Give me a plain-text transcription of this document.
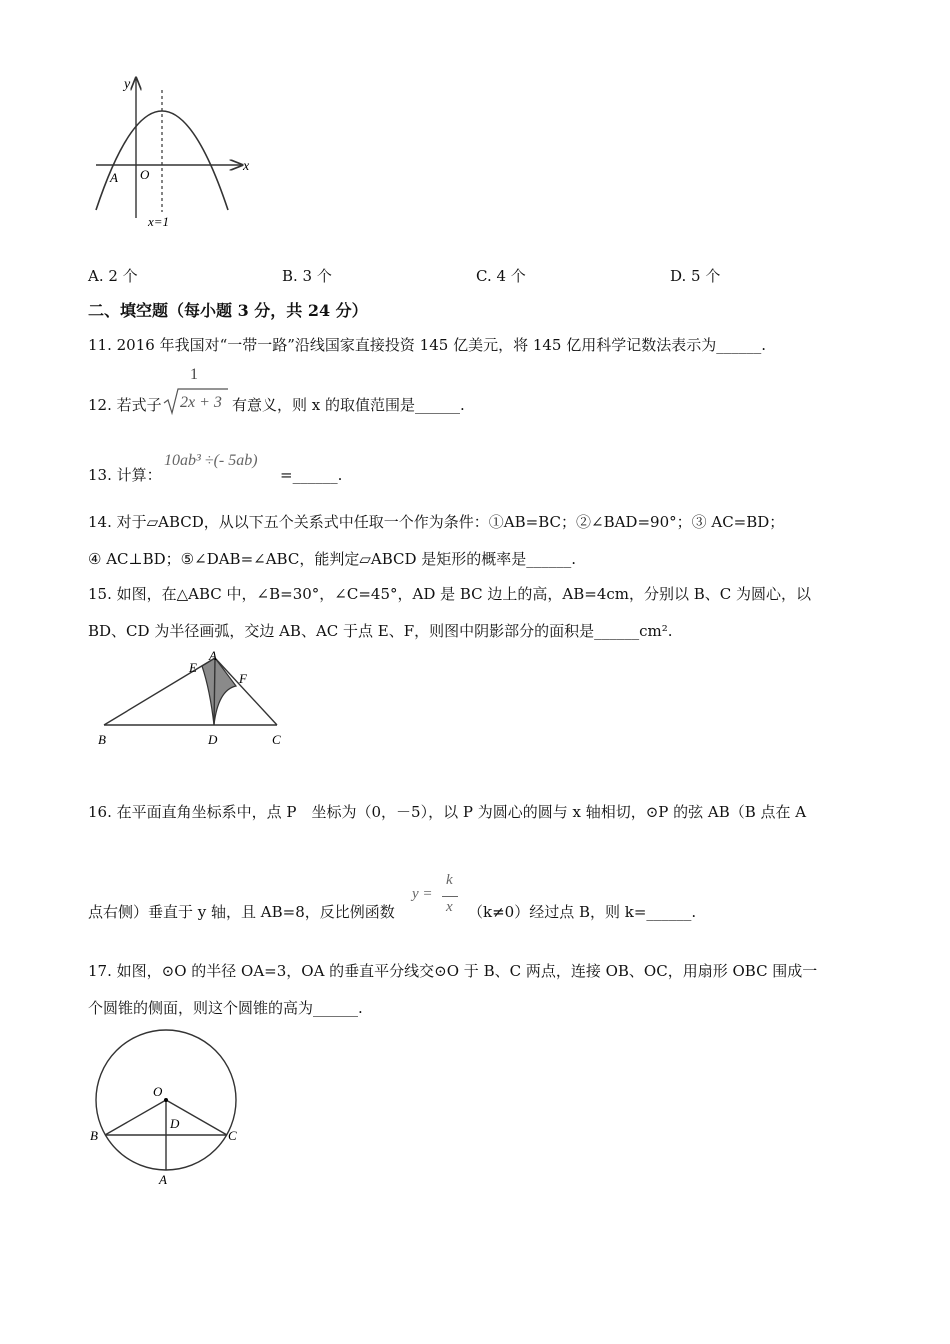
y
x
A O
x=1
A. 2 个	B. 3 个	C. 4 个	D. 5 个
二、填空题（每小题 3 分，共 24 分）
11. 2016 年我国对“一带一路”沿线国家直接投资 145 亿美元，将 145 亿用科学记数法表示为______.
12. 若式子
1
2x + 3 有意义，则 x 的取值范围是______.
13. 计算：
10ab³ ÷(- 5ab)
=______.
14. 对于▱ABCD，从以下五个关系式中任取一个作为条件：①AB=BC；②∠BAD=90°；③ AC=BD；
④ AC⊥BD；⑤∠DAB=∠ABC，能判定▱ABCD 是矩形的概率是______.
15. 如图，在△ABC 中，∠B=30°，∠C=45°，AD 是 BC 边上的高，AB=4cm，分别以 B、C 为圆心，以
BD、CD 为半径画弧，交边 AB、AC 于点 E、F，则图中阴影部分的面积是______cm².
A
E
F
B	D	C
16. 在平面直角坐标系中，点 P　坐标为（0，－5），以 P 为圆心的圆与 x 轴相切，⊙P 的弦 AB（B 点在 A
点右侧）垂直于 y 轴，且 AB=8，反比例函数
y =
k
x （k≠0）经过点 B，则 k=______.
17. 如图，⊙O 的半径 OA=3，OA 的垂直平分线交⊙O 于 B、C 两点，连接 OB、OC，用扇形 OBC 围成一
个圆锥的侧面，则这个圆锥的高为______.
O
D
B	C
A
